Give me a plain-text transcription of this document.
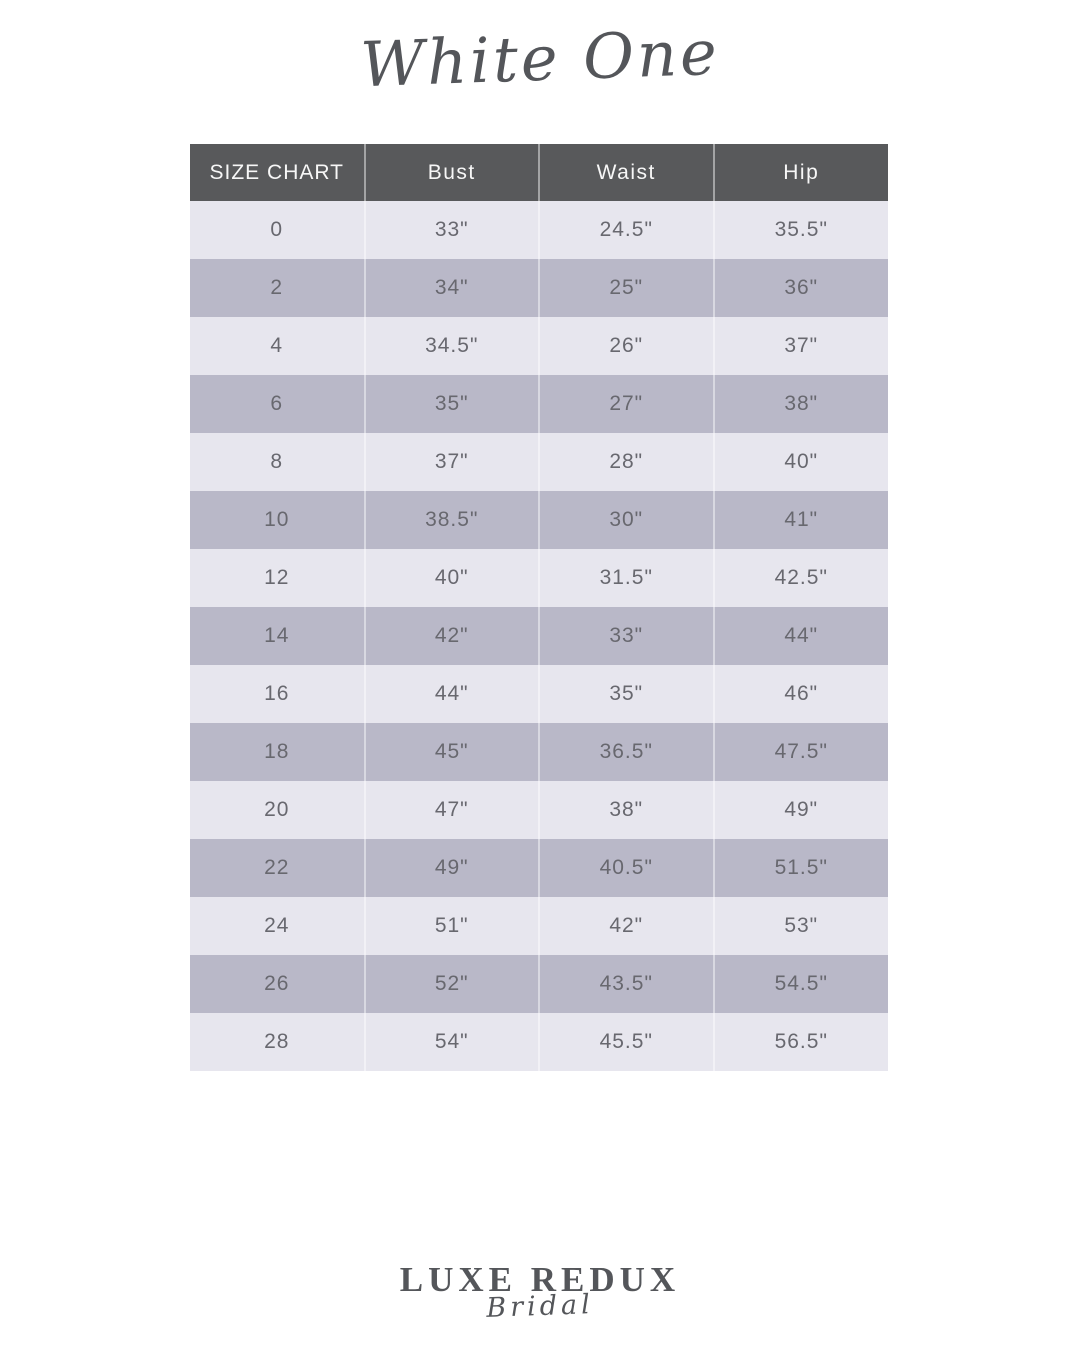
White One
SIZE CHART	Bust	Waist	Hip
0	33"	24.5"	35.5"
2	34"	25"	36"
4	34.5"	26"	37"
6	35"	27"	38"
8	37"	28"	40"
10	38.5"	30"	41"
12	40"	31.5"	42.5"
14	42"	33"	44"
16	44"	35"	46"
18	45"	36.5"	47.5"
20	47"	38"	49"
22	49"	40.5"	51.5"
24	51"	42"	53"
26	52"	43.5"	54.5"
28	54"	45.5"	56.5"
LUXE REDUX
Bridal
